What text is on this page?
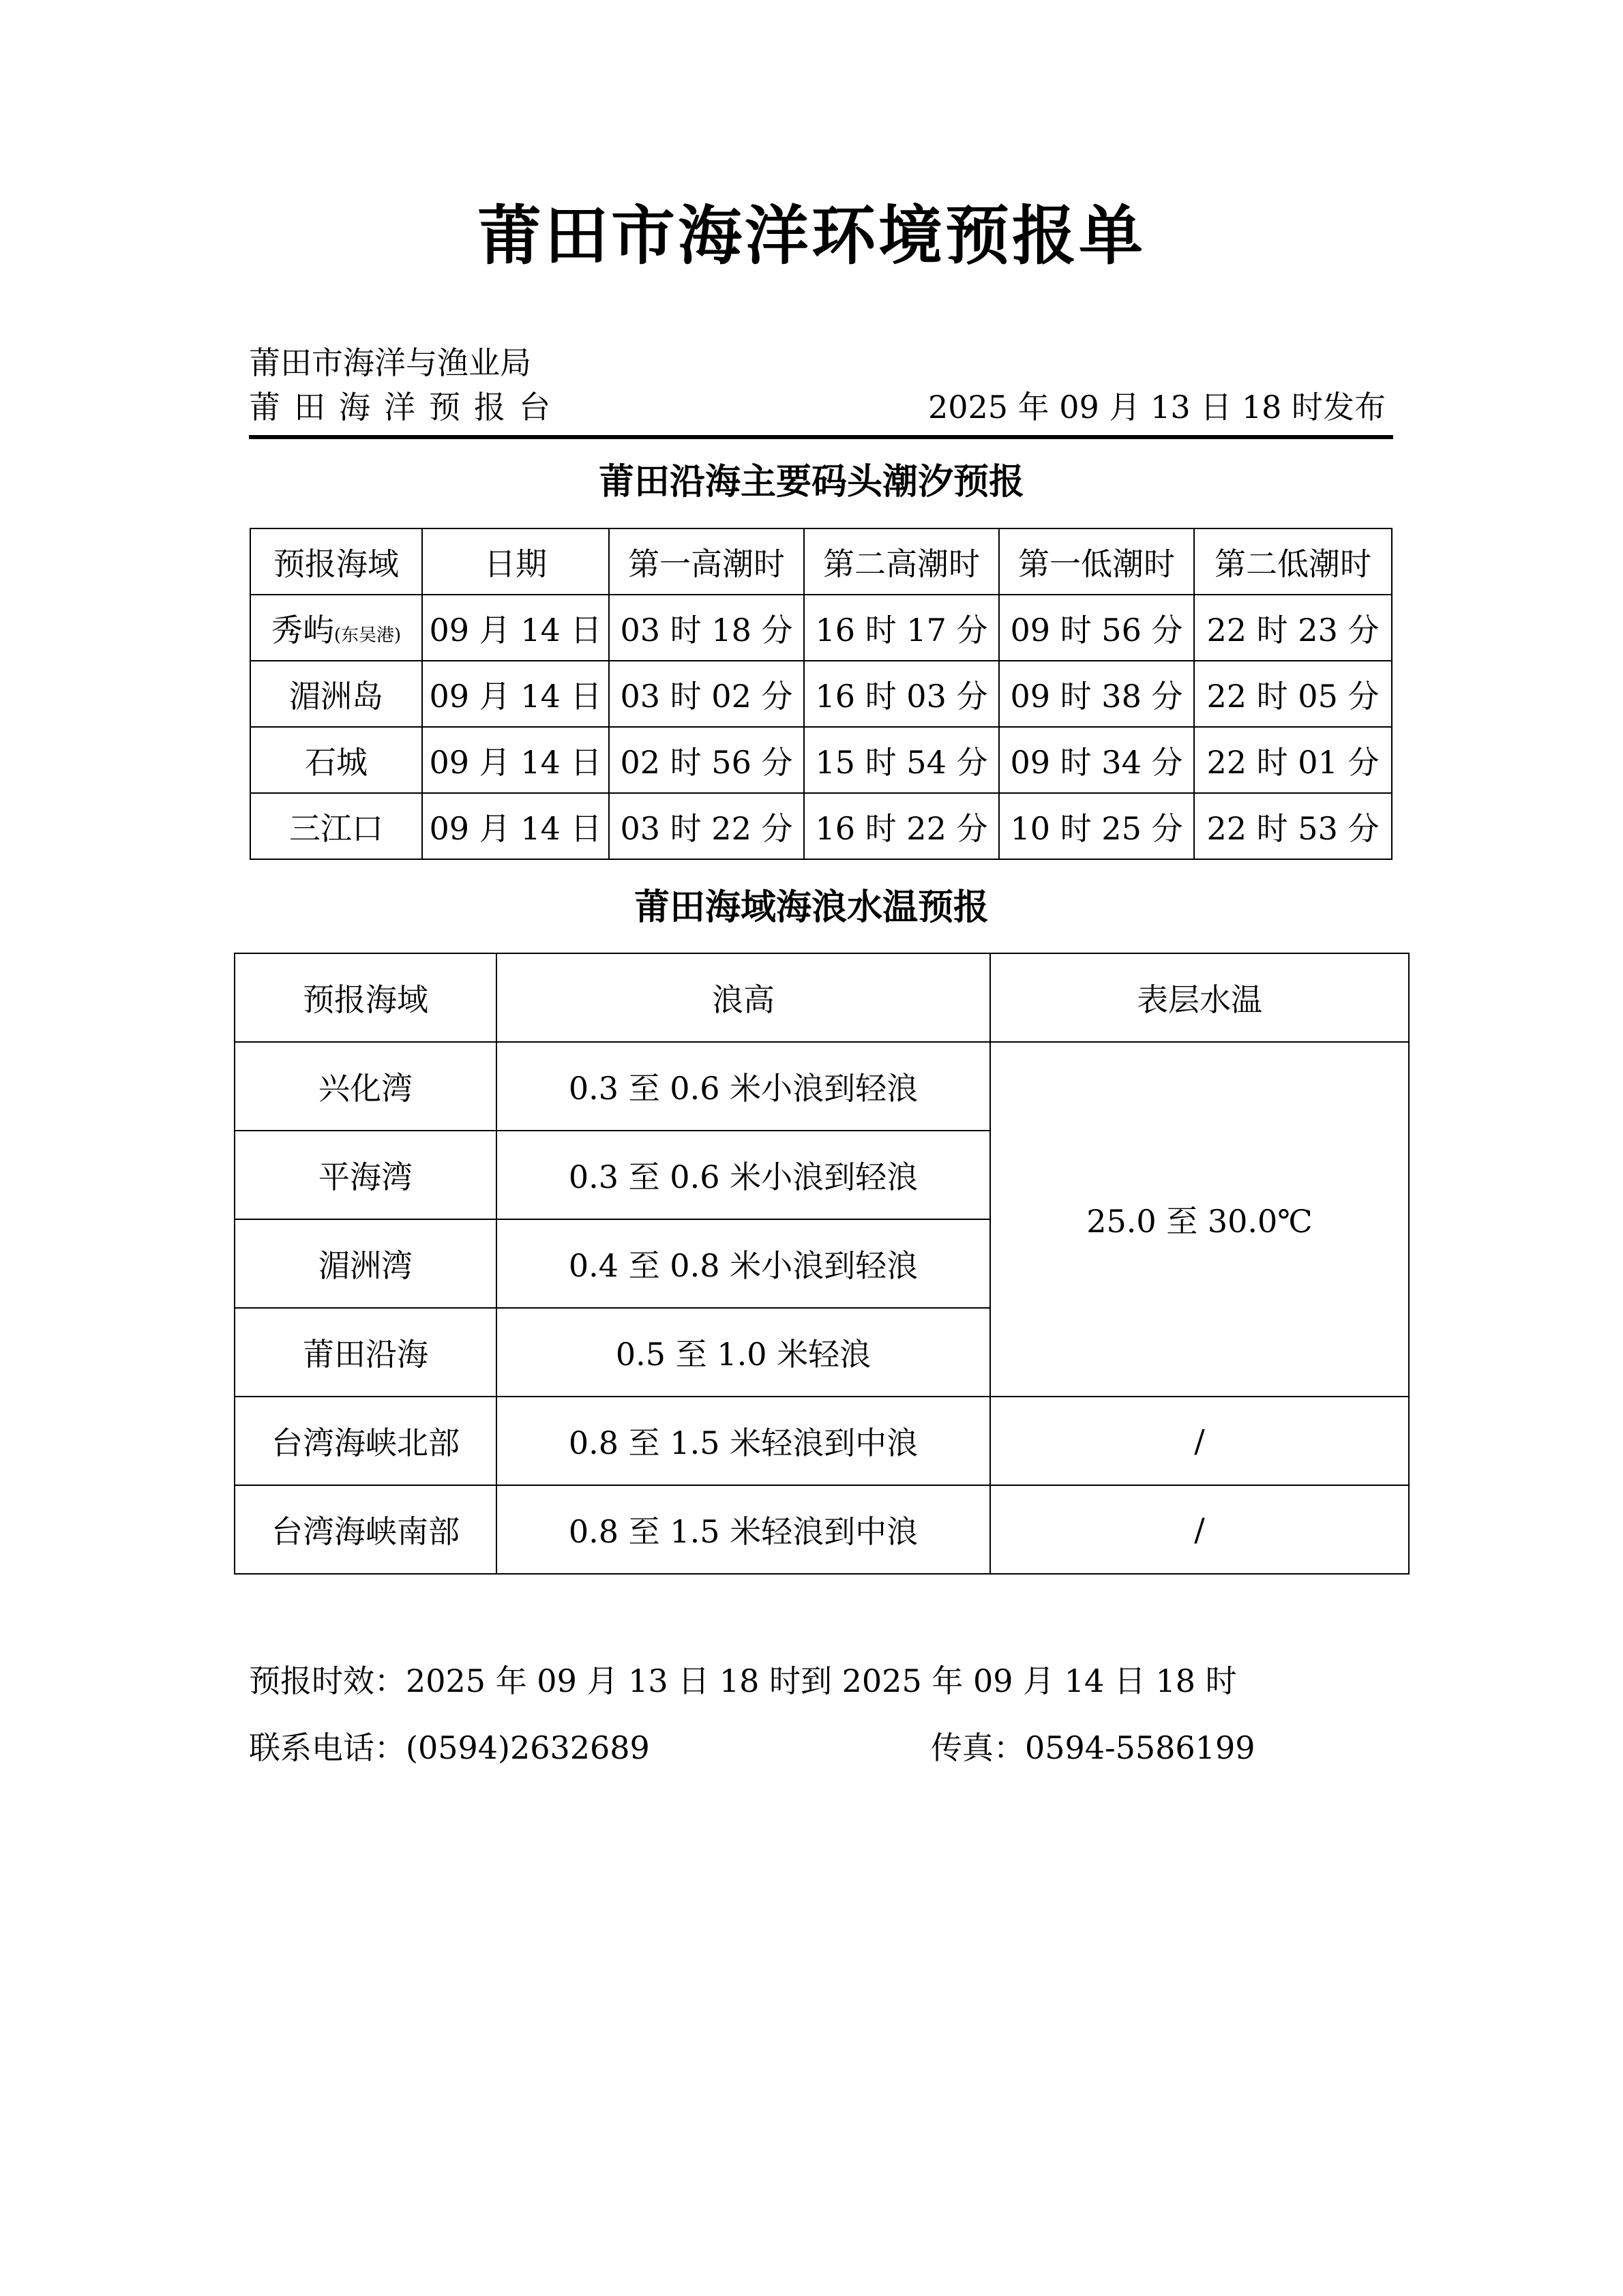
莆田市海洋环境预报单
莆田市海洋与渔业局
莆田海洋预报台	2025 年 09 月 13 日 18 时发布
莆田沿海主要码头潮汐预报
预报海域	日期	第一高潮时	第二高潮时	第一低潮时	第二低潮时
秀屿(东吴港)	09 月 14 日	03 时 18 分	16 时 17 分	09 时 56 分	22 时 23 分
湄洲岛	09 月 14 日	03 时 02 分	16 时 03 分	09 时 38 分	22 时 05 分
石城	09 月 14 日	02 时 56 分	15 时 54 分	09 时 34 分	22 时 01 分
三江口	09 月 14 日	03 时 22 分	16 时 22 分	10 时 25 分	22 时 53 分
莆田海域海浪水温预报
预报海域	浪高	表层水温
兴化湾	0.3 至 0.6 米小浪到轻浪	25.0 至 30.0℃
平海湾	0.3 至 0.6 米小浪到轻浪	
湄洲湾	0.4 至 0.8 米小浪到轻浪	
莆田沿海	0.5 至 1.0 米轻浪	
台湾海峡北部	0.8 至 1.5 米轻浪到中浪	/
台湾海峡南部	0.8 至 1.5 米轻浪到中浪	/
预报时效：2025 年 09 月 13 日 18 时到 2025 年 09 月 14 日 18 时
联系电话：(0594)2632689	传真：0594-5586199
